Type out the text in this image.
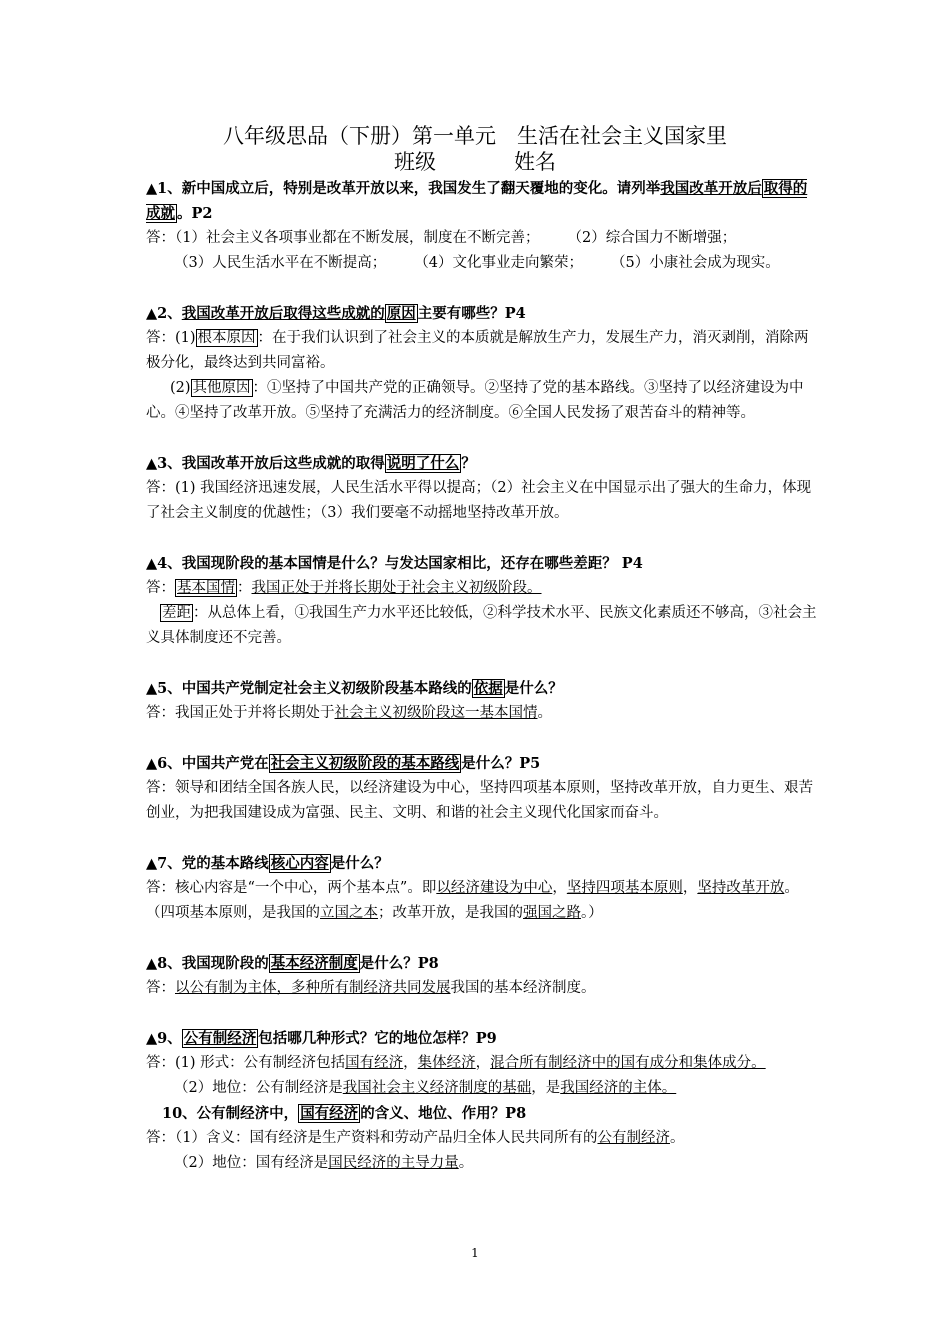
八年级思品（下册）第一单元　生活在社会主义国家里
班级	姓名

▲1、新中国成立后，特别是改革开放以来，我国发生了翻天覆地的变化。请列举我国改革开放后 取得的成就 。P2

答：（1）社会主义各项事业都在不断发展，制度在不断完善； （2）综合国力不断增强；

（3）人民生活水平在不断提高； （4）文化事业走向繁荣； （5）小康社会成为现实。

▲2、我国改革开放后取得这些成就的 原因 主要有哪些？P4

答：(1) 根本原因 ：在于我们认识到了社会主义的本质就是解放生产力，发展生产力，消灭剥削，消除两极分化，最终达到共同富裕。

(2) 其他原因 ：①坚持了中国共产党的正确领导。②坚持了党的基本路线。③坚持了以经济建设为中心。④坚持了改革开放。⑤坚持了充满活力的经济制度。⑥全国人民发扬了艰苦奋斗的精神等。

▲3、我国改革开放后这些成就的取得 说明了什么 ？

答：(1) 我国经济迅速发展，人民生活水平得以提高；（2）社会主义在中国显示出了强大的生命力，体现了社会主义制度的优越性；（3）我们要毫不动摇地坚持改革开放。

▲4、我国现阶段的基本国情是什么？与发达国家相比，还存在哪些差距？ P4

答： 基本国情 ：我国正处于并将长期处于社会主义初级阶段。

差距 ：从总体上看，①我国生产力水平还比较低，②科学技术水平、民族文化素质还不够高，③社会主义具体制度还不完善。

▲5、中国共产党制定社会主义初级阶段基本路线的 依据 是什么？

答：我国正处于并将长期处于社会主义初级阶段这一基本国情。

▲6、中国共产党在 社会主义初级阶段的基本路线 是什么？P5

答：领导和团结全国各族人民，以经济建设为中心，坚持四项基本原则，坚持改革开放，自力更生、艰苦创业，为把我国建设成为富强、民主、文明、和谐的社会主义现代化国家而奋斗。

▲7、党的基本路线 核心内容 是什么？

答：核心内容是“一个中心，两个基本点”。即以经济建设为中心，坚持四项基本原则，坚持改革开放。（四项基本原则，是我国的立国之本；改革开放，是我国的强国之路。）

▲8、我国现阶段的 基本经济制度 是什么？P8

答：以公有制为主体，多种所有制经济共同发展我国的基本经济制度。

▲9、 公有制经济 包括哪几种形式？它的地位怎样？P9

答：(1) 形式：公有制经济包括国有经济，集体经济，混合所有制经济中的国有成分和集体成分。

（2）地位：公有制经济是我国社会主义经济制度的基础，是我国经济的主体。

10、公有制经济中， 国有经济 的含义、地位、作用？P8

答：（1）含义：国有经济是生产资料和劳动产品归全体人民共同所有的公有制经济。

（2）地位：国有经济是国民经济的主导力量。

1
